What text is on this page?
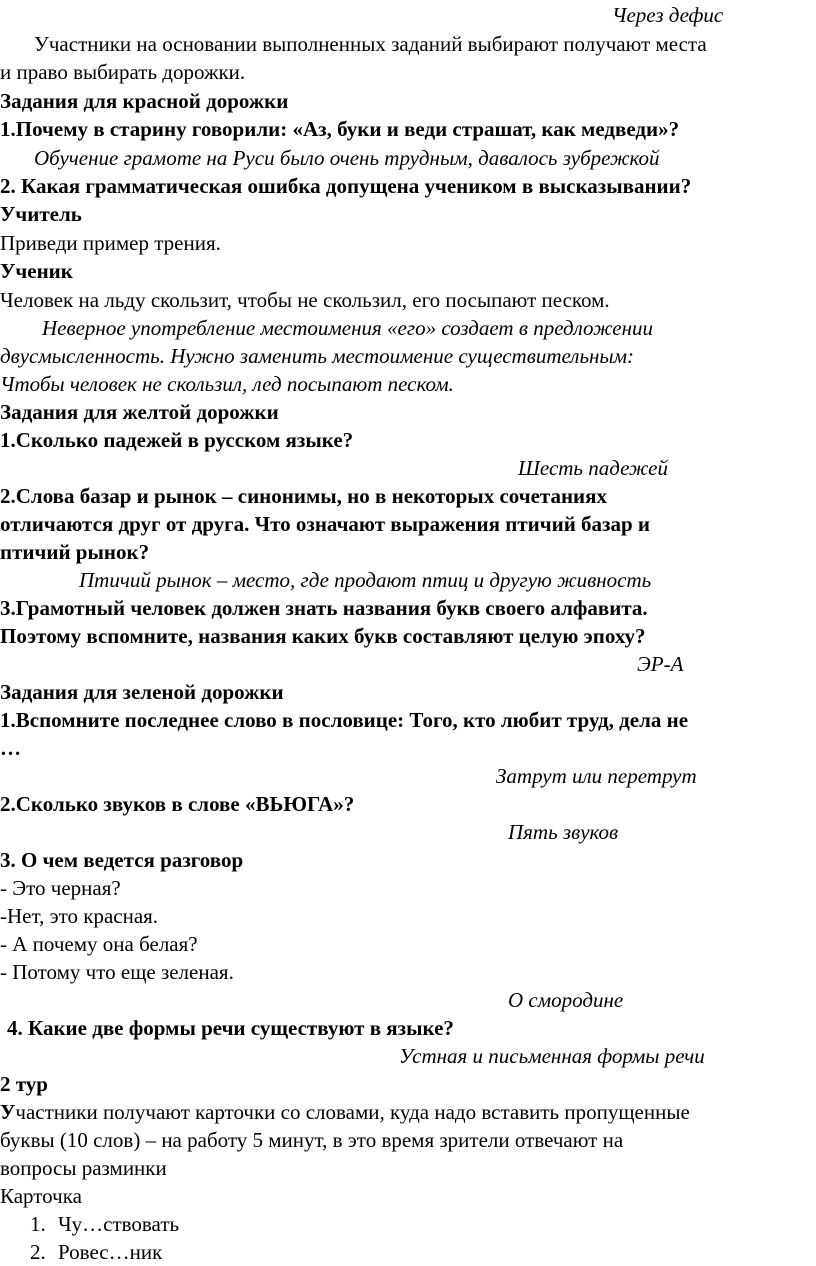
Через дефис
Участники на основании выполненных заданий выбирают получают места
и право выбирать дорожки.
Задания для красной дорожки
1.Почему в старину говорили: «Аз, буки и веди страшат, как медведи»?
Обучение грамоте на Руси было очень трудным, давалось зубрежкой
2. Какая грамматическая ошибка допущена учеником в высказывании?
Учитель
Приведи пример трения.
Ученик
Человек на льду скользит, чтобы не скользил, его посыпают песком.
Неверное употребление местоимения «его» создает в предложении
двусмысленность. Нужно заменить местоимение существительным:
Чтобы человек не скользил, лед посыпают песком.
Задания для желтой дорожки
1.Сколько падежей в русском языке?
Шесть падежей
2.Слова базар и рынок – синонимы, но в некоторых сочетаниях
отличаются друг от друга. Что означают выражения птичий базар и
птичий рынок?
Птичий рынок – место, где продают птиц и другую живность
3.Грамотный человек должен знать названия букв своего алфавита.
Поэтому вспомните, названия каких букв составляют целую эпоху?
ЭР-А
Задания для зеленой дорожки
1.Вспомните последнее слово в пословице: Того, кто любит труд, дела не
…
Затрут или перетрут
2.Сколько звуков в слове «ВЬЮГА»?
Пять звуков
3. О чем ведется разговор
- Это черная?
-Нет, это красная.
- А почему она белая?
- Потому что еще зеленая.
О смородине
4. Какие две формы речи существуют в языке?
Устная и письменная формы речи
2 тур
Участники получают карточки со словами, куда надо вставить пропущенные
буквы (10 слов) – на работу 5 минут, в это время зрители отвечают на
вопросы разминки
Карточка
1. Чу…ствовать
2. Ровес…ник
